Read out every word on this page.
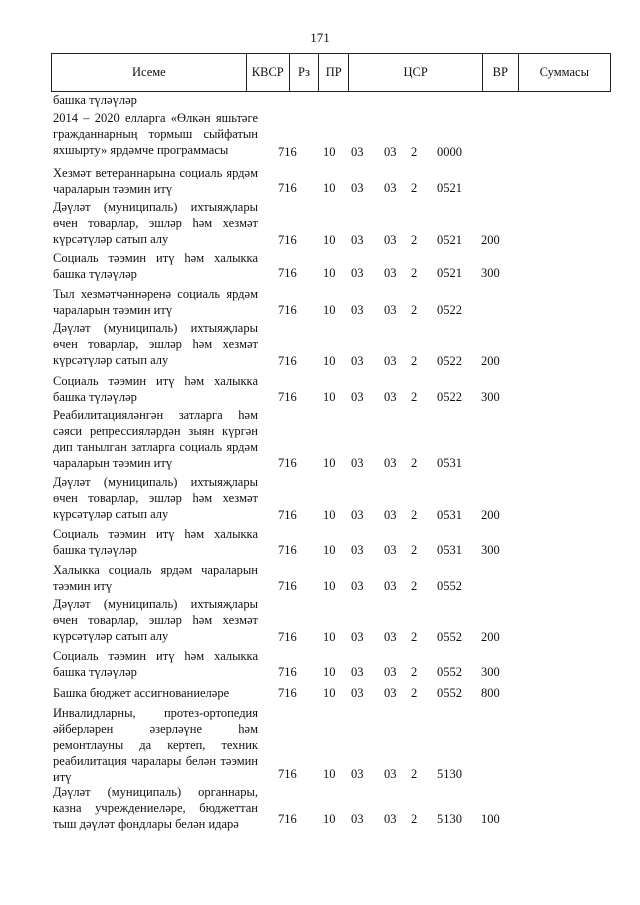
171
Исеме	КВСР	Рз	ПР	ЦСР	ВР	Суммасы
башка түләүләр
2014 – 2020 елларга «Өлкән яшьтәге гражданнарның тормыш сыйфатын яхшырту» ярдәмче программасы	716 10 03 03 2 0000
Хезмәт ветераннарына социаль ярдәм чараларын тәэмин итү	716 10 03 03 2 0521
Дәүләт (муниципаль) ихтыяҗлары өчен товарлар, эшләр һәм хезмәт күрсәтүләр сатып алу	716 10 03 03 2 0521 200
Социаль тәэмин итү һәм халыкка башка түләүләр	716 10 03 03 2 0521 300
Тыл хезмәтчәннәренә социаль ярдәм чараларын тәэмин итү	716 10 03 03 2 0522
Дәүләт (муниципаль) ихтыяҗлары өчен товарлар, эшләр һәм хезмәт күрсәтүләр сатып алу	716 10 03 03 2 0522 200
Социаль тәэмин итү һәм халыкка башка түләүләр	716 10 03 03 2 0522 300
Реабилитацияләнгән затларга һәм сәяси репрессияләрдән зыян күргән дип танылган затларга социаль ярдәм чараларын тәэмин итү	716 10 03 03 2 0531
Дәүләт (муниципаль) ихтыяҗлары өчен товарлар, эшләр һәм хезмәт күрсәтүләр сатып алу	716 10 03 03 2 0531 200
Социаль тәэмин итү һәм халыкка башка түләүләр	716 10 03 03 2 0531 300
Халыкка социаль ярдәм чараларын тәэмин итү	716 10 03 03 2 0552
Дәүләт (муниципаль) ихтыяҗлары өчен товарлар, эшләр һәм хезмәт күрсәтүләр сатып алу	716 10 03 03 2 0552 200
Социаль тәэмин итү һәм халыкка башка түләүләр	716 10 03 03 2 0552 300
Башка бюджет ассигнованиеләре	716 10 03 03 2 0552 800
Инвалидларны, протез-ортопедия әйберләрен әзерләүне һәм ремонтлауны да кертеп, техник реабилитация чаралары белән тәэмин итү	716 10 03 03 2 5130
Дәүләт (муниципаль) органнары, казна учреждениеләре, бюджеттан тыш дәүләт фондлары белән идарә	716 10 03 03 2 5130 100
